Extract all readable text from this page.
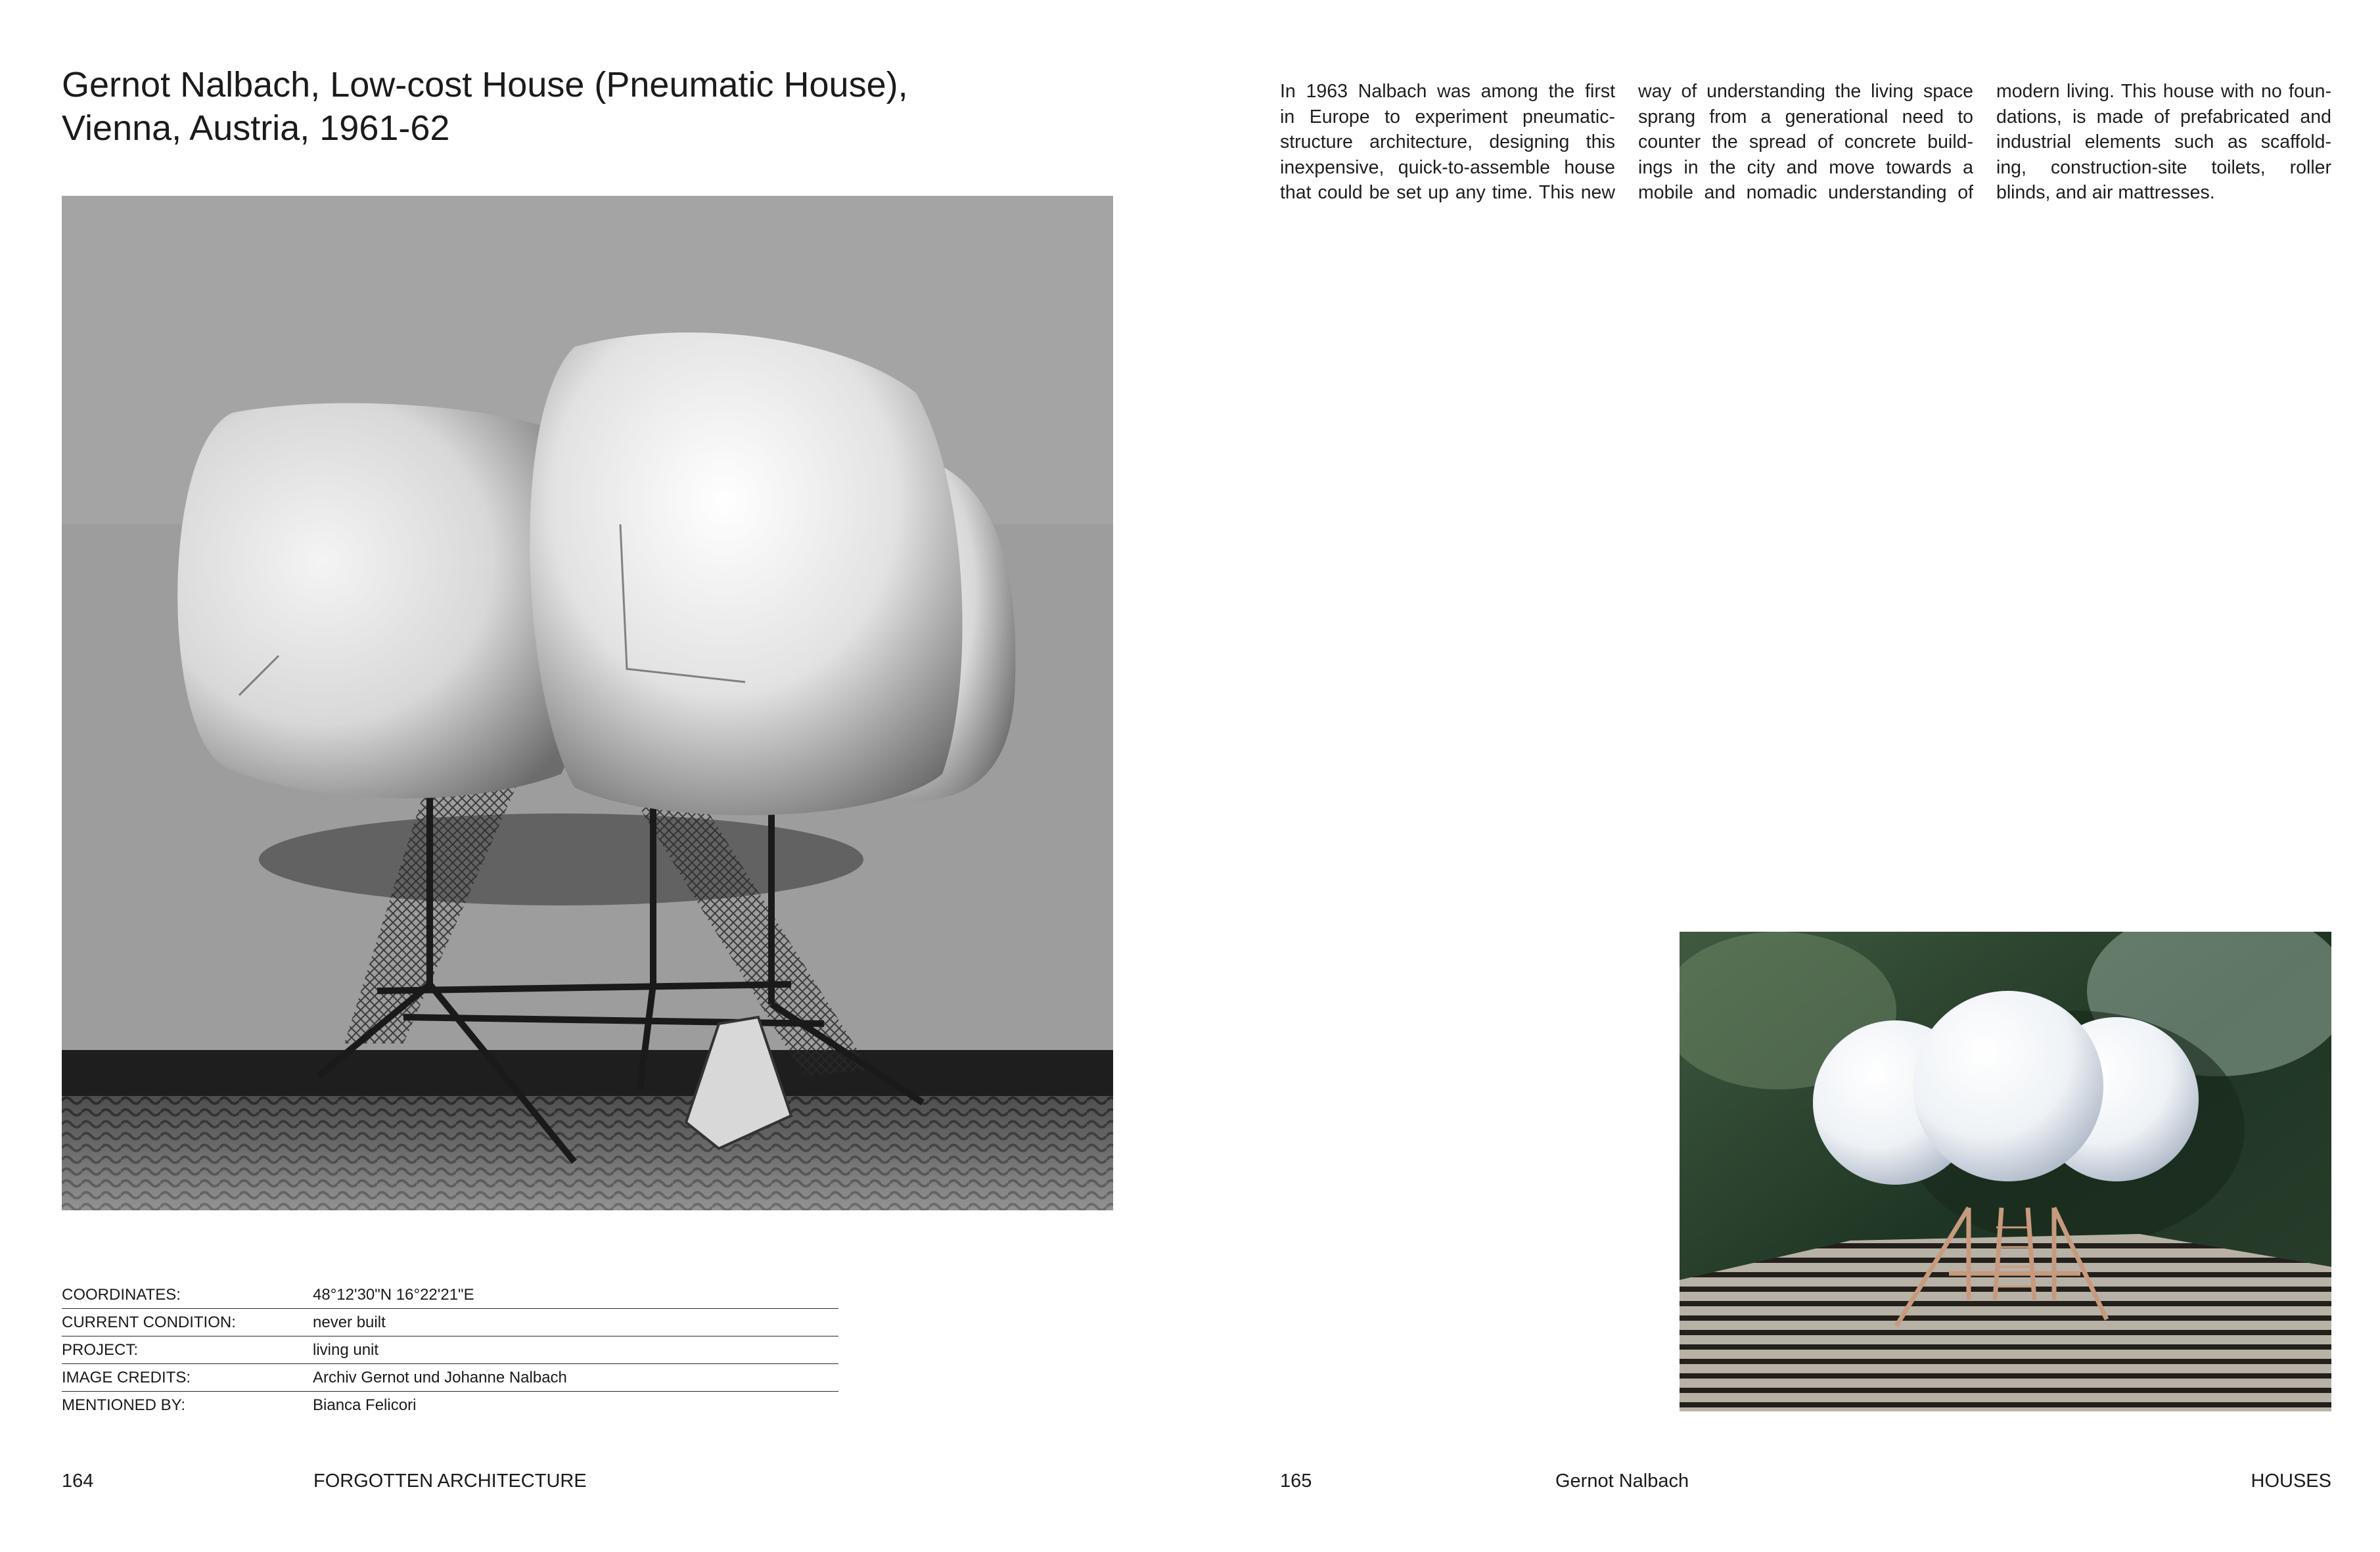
Gernot Nalbach, Low-cost House (Pneumatic House),
Vienna, Austria, 1961-62
COORDINATES:	48°12'30"N 16°22'21"E
CURRENT CONDITION:	never built
PROJECT:	living unit
IMAGE CREDITS:	Archiv Gernot und Johanne Nalbach
MENTIONED BY:	Bianca Felicori
164	FORGOTTEN ARCHITECTURE
In 1963 Nalbach was among the first
in Europe to experiment pneumatic-
structure architecture, designing this
inexpensive, quick-to-assemble house
that could be set up any time. This new
way of understanding the living space
sprang from a generational need to
counter the spread of concrete build-
ings in the city and move towards a
mobile and nomadic understanding of
modern living. This house with no foun-
dations, is made of prefabricated and
industrial elements such as scaffold-
ing, construction-site toilets, roller
blinds, and air mattresses.
165	Gernot Nalbach	HOUSES
